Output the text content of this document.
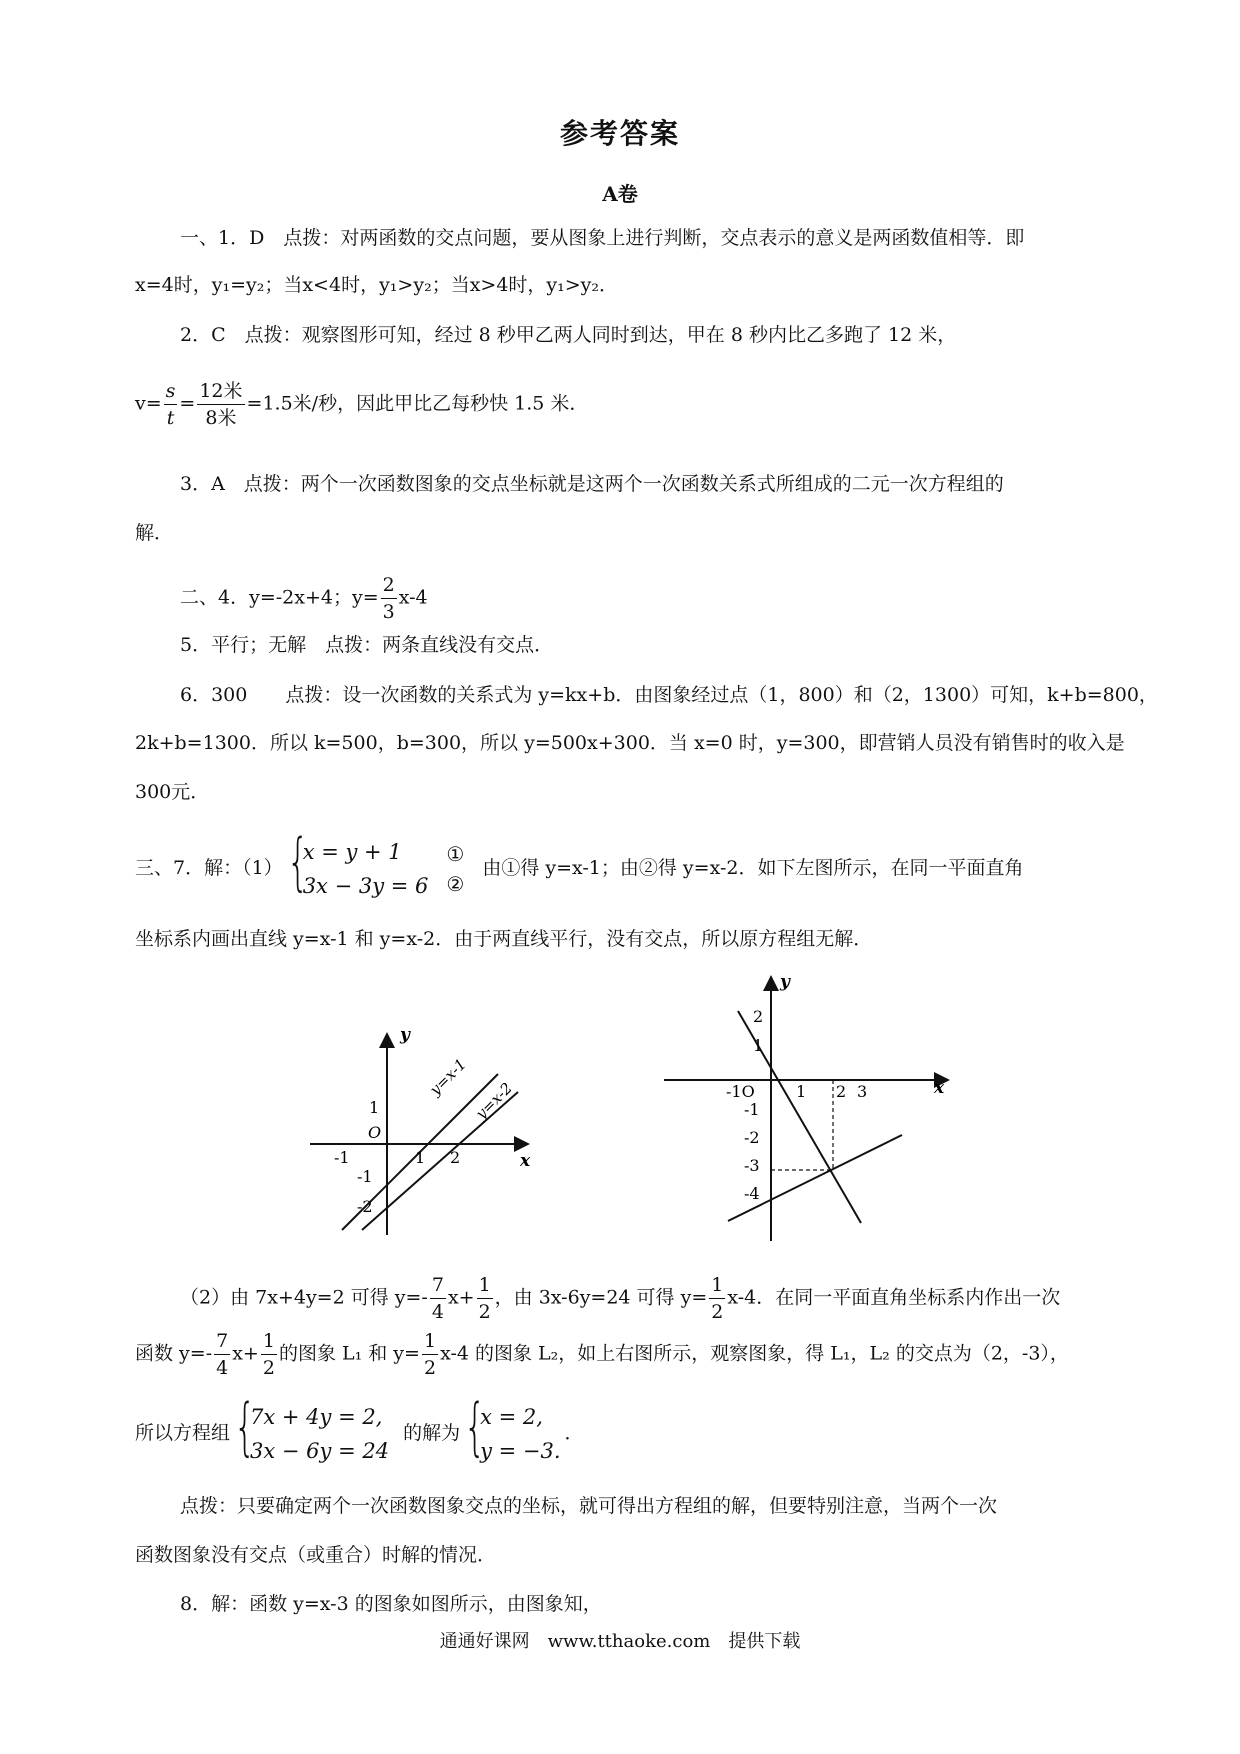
参考答案
A卷
一、1．D　点拨：对两函数的交点问题，要从图象上进行判断，交点表示的意义是两函数值相等．即
x=4时，y₁=y₂；当x<4时，y₁>y₂；当x>4时，y₁>y₂．
2．C　点拨：观察图形可知，经过 8 秒甲乙两人同时到达，甲在 8 秒内比乙多跑了 12 米，
$v= \frac{s}{t} = \frac{\text{12米}}{\text{8米}} =1.5$米/秒，因此甲比乙每秒快 1.5 米．
3．A　点拨：两个一次函数图象的交点坐标就是这两个一次函数关系式所组成的二元一次方程组的
解．
二、4．y=-2x+4；$y= \frac{2}{3} x-4$
5．平行；无解　点拨：两条直线没有交点．
6．300　　点拨：设一次函数的关系式为 y=kx+b．由图象经过点（1，800）和（2，1300）可知，k+b=800，
2k+b=1300．所以 k=500，b=300，所以 y=500x+300．当 x=0 时，y=300，即营销人员没有销售时的收入是
300元．
三、7．解：（1） {
x = y + 1
3x − 3y = 6
①
②
由①得 y=x-1；由②得 y=x-2．如下左图所示，在同一平面直角
坐标系内画出直线 y=x-1 和 y=x-2．由于两直线平行，没有交点，所以原方程组无解．
y
x
O
-1	1 2
1
-1
-2
y=x-1
y=x-2
y
x
-1O	1 2 3
2
1
-1
-2
-3
-4
（2）由 7x+4y=2 可得 $y=- \frac{7}{4} x+ \frac{1}{2}$ ，由 3x-6y=24 可得 $y= \frac{1}{2} x-4$．在同一平面直角坐标系内作出一次
函数 $y=- \frac{7}{4} x+ \frac{1}{2}$ 的图象 L₁ 和 $y= \frac{1}{2} x-4$ 的图象 L₂，如上右图所示，观察图象，得 L₁，L₂ 的交点为（2，-3），
所以方程组 {
7x + 4y = 2,
3x − 6y = 24
的解为 {
x = 2,
y = −3.
．
点拨：只要确定两个一次函数图象交点的坐标，就可得出方程组的解，但要特别注意，当两个一次
函数图象没有交点（或重合）时解的情况．
8．解：函数 y=x-3 的图象如图所示，由图象知，
通通好课网　www.tthaoke.com　提供下载
